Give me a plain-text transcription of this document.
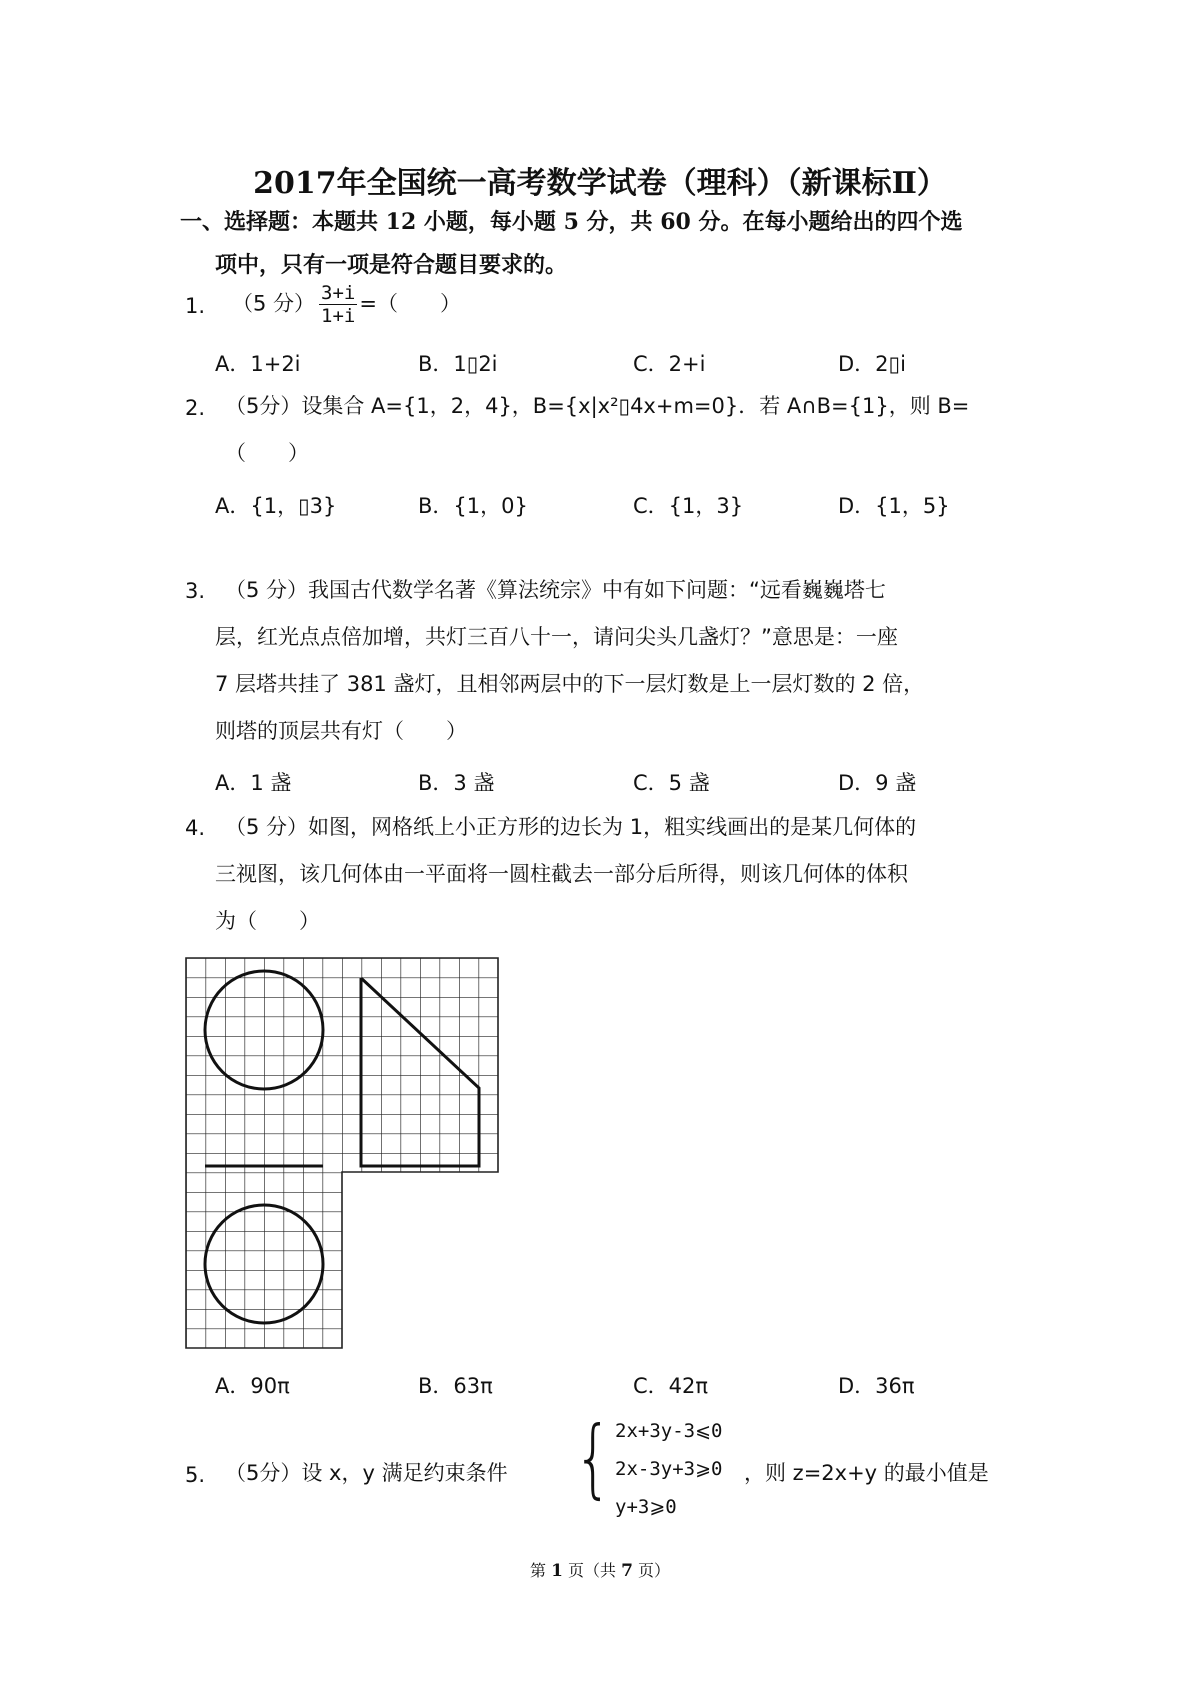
2017年全国统一高考数学试卷（理科）（新课标Ⅱ）
一、选择题：本题共 12 小题，每小题 5 分，共 60 分。在每小题给出的四个选
项中，只有一项是符合题目要求的。
1. （5 分） $\frac{3+i}{1+i}$ =（　　）
A．1+2i	B．1▯2i	C．2+i	D．2▯i
2. （5分）设集合 A={1，2，4}，B={x|x²▯4x+m=0}．若 A∩B={1}，则 B=
（　　）
A．{1，▯3}	B．{1，0}	C．{1，3}	D．{1，5}
3. （5 分）我国古代数学名著《算法统宗》中有如下问题：“远看巍巍塔七
层，红光点点倍加增，共灯三百八十一，请问尖头几盏灯？”意思是：一座
7 层塔共挂了 381 盏灯，且相邻两层中的下一层灯数是上一层灯数的 2 倍，
则塔的顶层共有灯（　　）
A．1 盏	B．3 盏	C．5 盏	D．9 盏
4. （5 分）如图，网格纸上小正方形的边长为 1，粗实线画出的是某几何体的
三视图，该几何体由一平面将一圆柱截去一部分后所得，则该几何体的体积
为（　　）
A．90π	B．63π	C．42π	D．36π
5. （5分）设 x，y 满足约束条件 { 2x+3y-3⩽0
2x-3y+3⩾0
y+3⩾0
，则 z=2x+y 的最小值是
第 1 页（共 7 页）
